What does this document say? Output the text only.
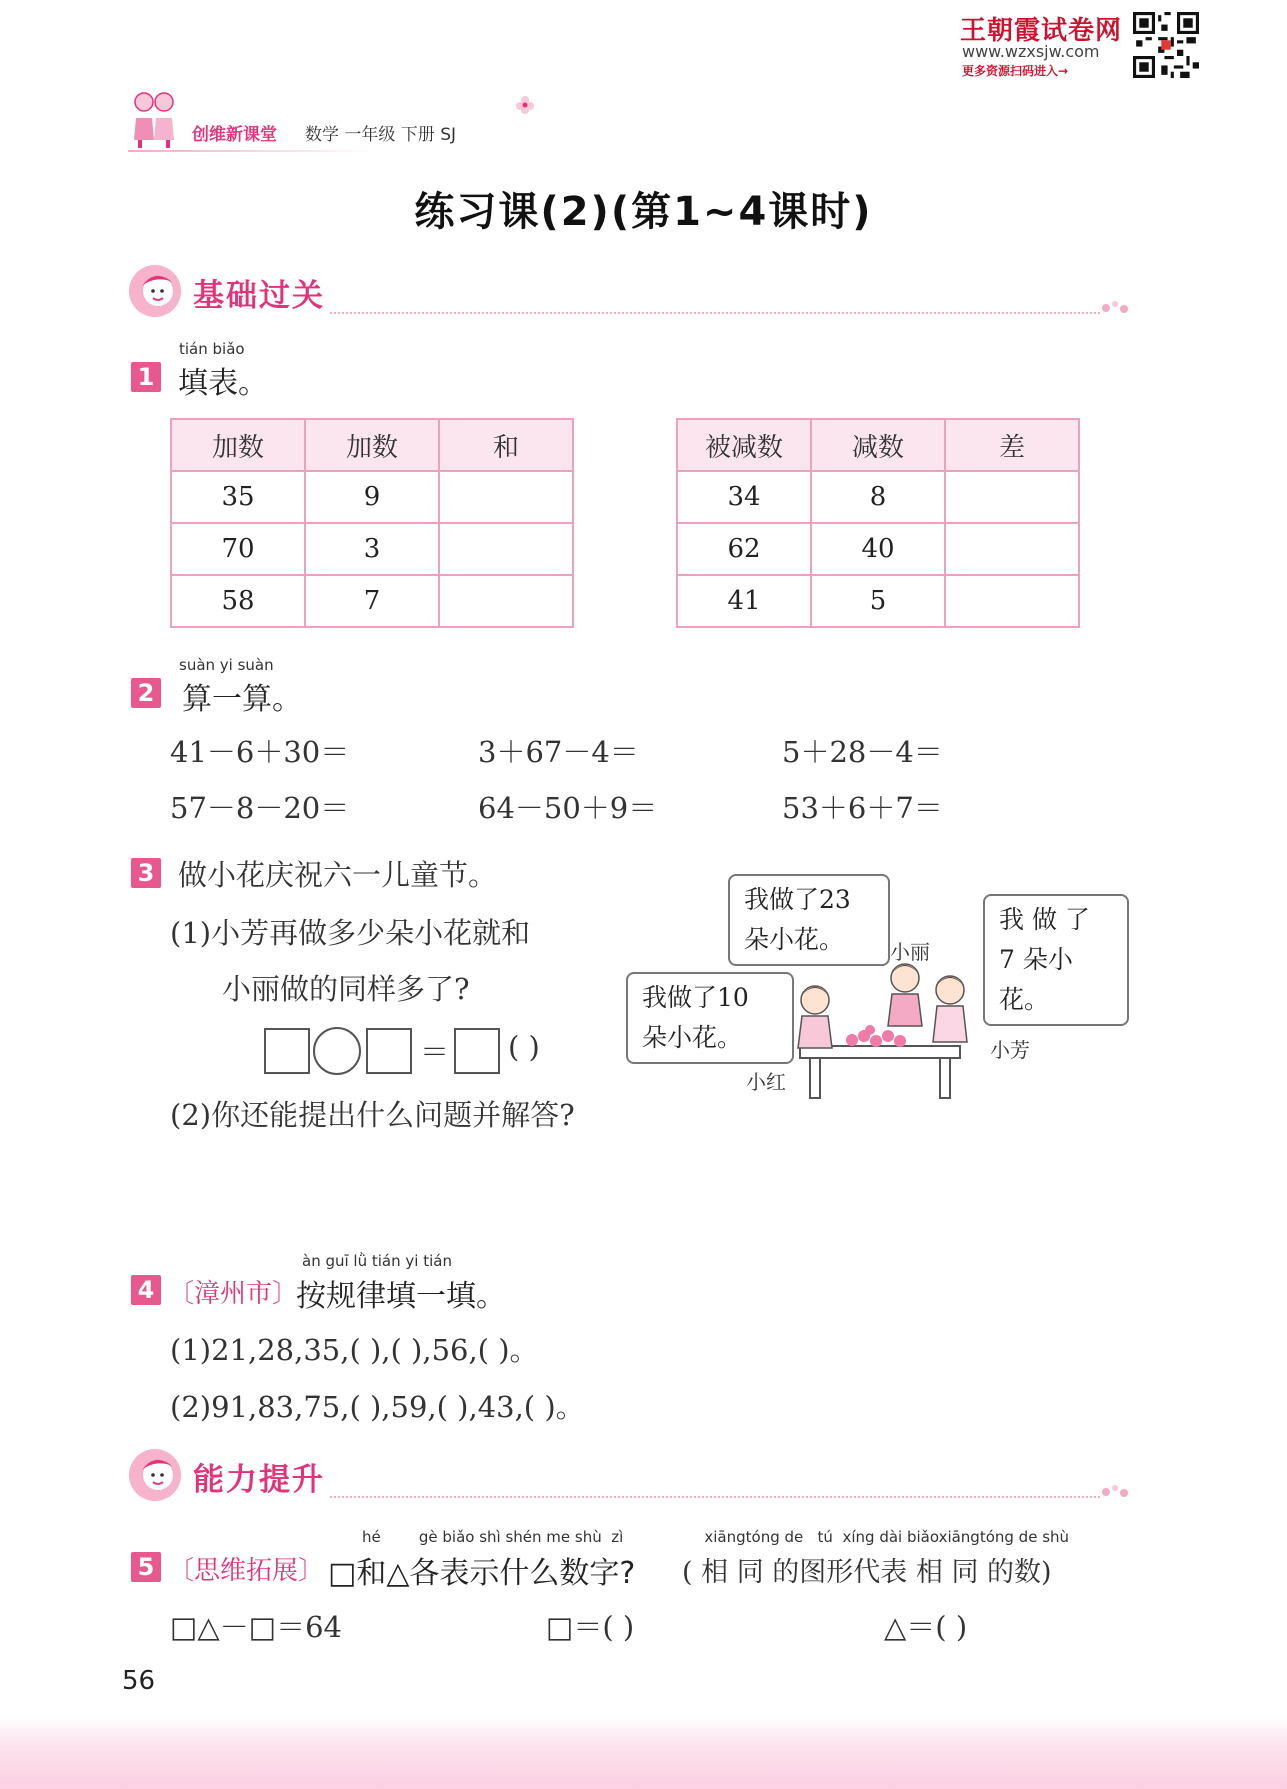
王朝霞试卷网
www.wzxsjw.com
更多资源扫码进入→
创维新课堂 数学 一年级 下册 SJ
练习课(2)(第1~4课时)
基础过关
tián biǎo
1 填表。
加数	加数	和
35	9	
70	3	
58	7	
被减数	减数	差
34	8	
62	40	
41	5	
suàn yi suàn
2 算一算。
41－6＋30＝	3＋67－4＝	5＋28－4＝
57－8－20＝	64－50＋9＝	53＋6＋7＝
3 做小花庆祝六一儿童节。
(1)小芳再做多少朵小花就和
小丽做的同样多了?
＝ ( )
(2)你还能提出什么问题并解答?
我做了23 朵小花。
我 做 了 7 朵小花。
我做了10 朵小花。
小丽
小芳
小红
àn guī lǜ tián yi tián
4 〔漳州市〕
按规律填一填。
(1)21,28,35,( ),( ),56,( )。
(2)91,83,75,( ),59,( ),43,( )。
能力提升
hé        gè biǎo shì shén me shù  zì                 xiāngtóng de   tú  xíng dài biǎoxiāngtóng de shù
5 〔思维拓展〕 □和△各表示什么数字? ( 相 同 的图形代表 相 同 的数)
□△－□＝64	□＝( )	△＝( )
56
